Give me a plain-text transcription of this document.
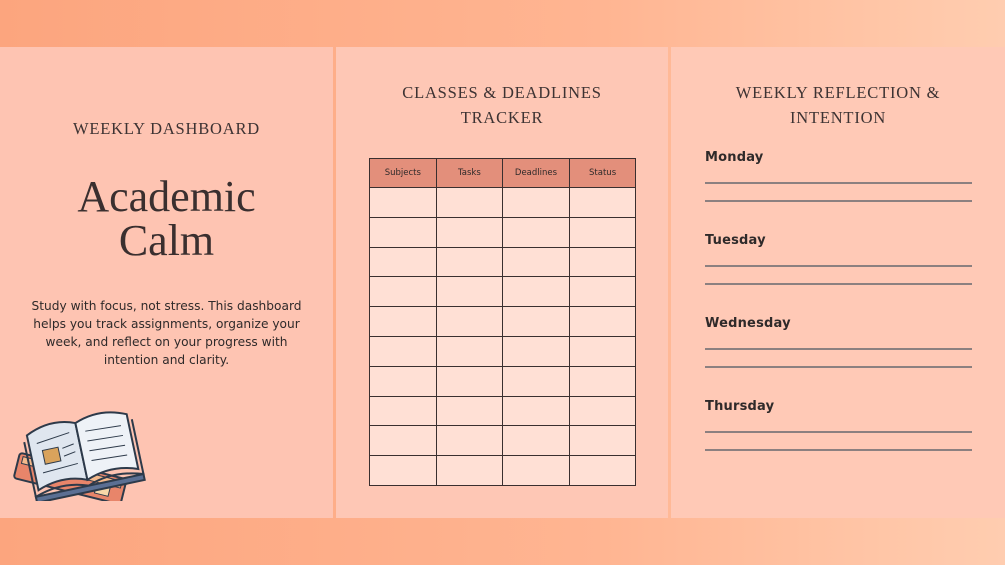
WEEKLY DASHBOARD
Academic
Calm
Study with focus, not stress. This dashboard helps you track assignments, organize your week, and reflect on your progress with intention and clarity.
CLASSES & DEADLINES
TRACKER
Subjects	Tasks	Deadlines	Status

WEEKLY REFLECTION &
INTENTION
Monday
Tuesday
Wednesday
Thursday
